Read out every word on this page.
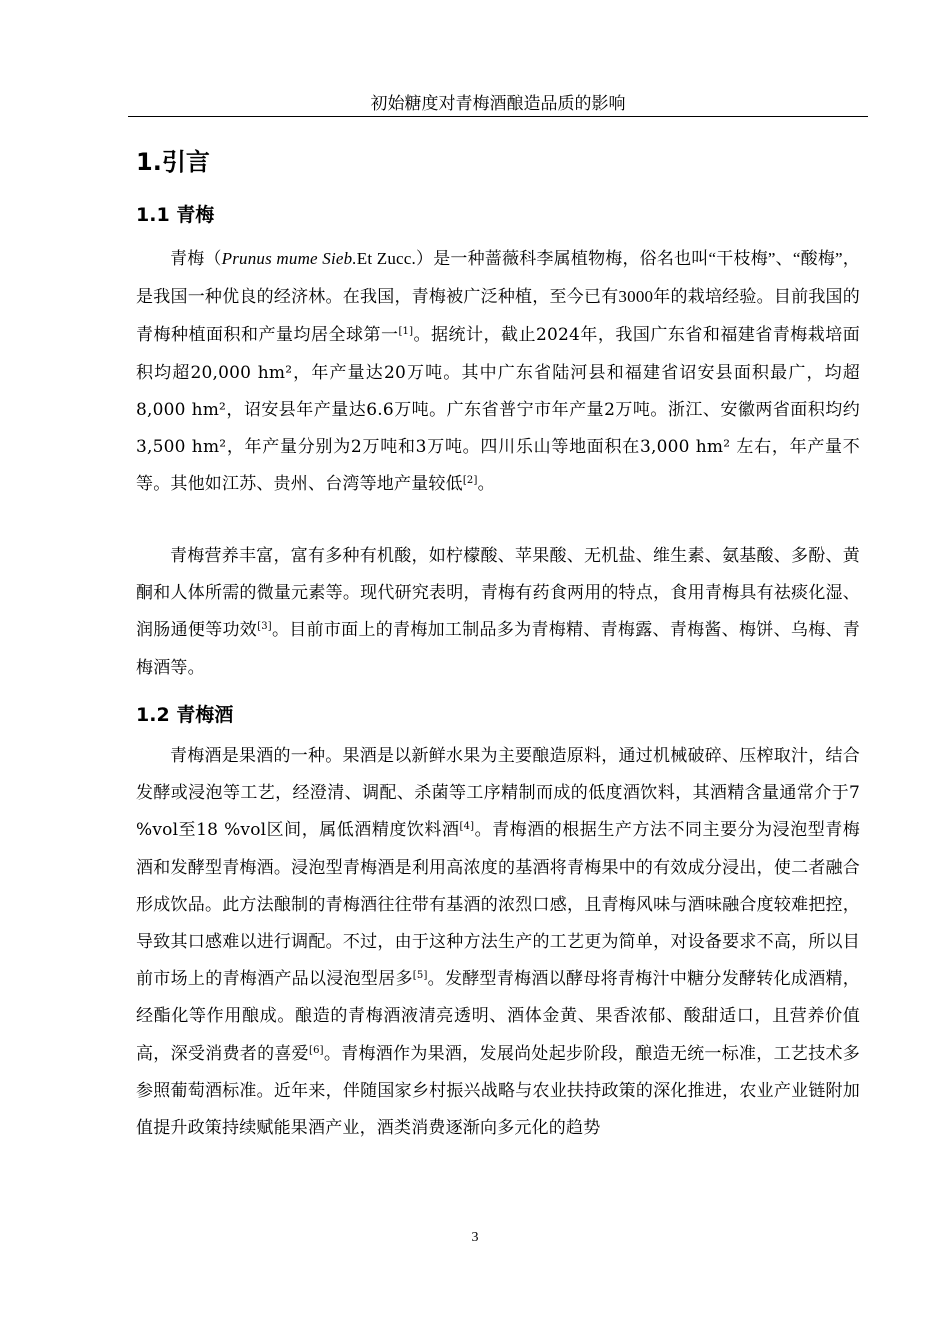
初始糖度对青梅酒酿造品质的影响
1.引言
1.1 青梅

青梅（Prunus mume Sieb.Et Zucc.）是一种蔷薇科李属植物梅，俗名也叫“干枝梅”、“酸梅”，是我国一种优良的经济林。在我国，青梅被广泛种植，至今已有3000年的栽培经验。目前我国的青梅种植面积和产量均居全球第一[1]。据统计，截止2024年，我国广东省和福建省青梅栽培面积均超20,000 hm²，年产量达20万吨。其中广东省陆河县和福建省诏安县面积最广，均超8,000 hm²，诏安县年产量达6.6万吨。广东省普宁市年产量2万吨。浙江、安徽两省面积均约3,500 hm²，年产量分别为2万吨和3万吨。四川乐山等地面积在3,000 hm² 左右，年产量不等。其他如江苏、贵州、台湾等地产量较低[2]。

青梅营养丰富，富有多种有机酸，如柠檬酸、苹果酸、无机盐、维生素、氨基酸、多酚、黄酮和人体所需的微量元素等。现代研究表明，青梅有药食两用的特点，食用青梅具有祛痰化湿、润肠通便等功效[3]。目前市面上的青梅加工制品多为青梅精、青梅露、青梅酱、梅饼、乌梅、青梅酒等。

1.2 青梅酒

青梅酒是果酒的一种。果酒是以新鲜水果为主要酿造原料，通过机械破碎、压榨取汁，结合发酵或浸泡等工艺，经澄清、调配、杀菌等工序精制而成的低度酒饮料，其酒精含量通常介于7 %vol至18 %vol区间，属低酒精度饮料酒[4]。青梅酒的根据生产方法不同主要分为浸泡型青梅酒和发酵型青梅酒。浸泡型青梅酒是利用高浓度的基酒将青梅果中的有效成分浸出，使二者融合形成饮品。此方法酿制的青梅酒往往带有基酒的浓烈口感，且青梅风味与酒味融合度较难把控，导致其口感难以进行调配。不过，由于这种方法生产的工艺更为简单，对设备要求不高，所以目前市场上的青梅酒产品以浸泡型居多[5]。发酵型青梅酒以酵母将青梅汁中糖分发酵转化成酒精，经酯化等作用酿成。酿造的青梅酒液清亮透明、酒体金黄、果香浓郁、酸甜适口，且营养价值高，深受消费者的喜爱[6]。青梅酒作为果酒，发展尚处起步阶段，酿造无统一标准，工艺技术多参照葡萄酒标准。近年来，伴随国家乡村振兴战略与农业扶持政策的深化推进，农业产业链附加值提升政策持续赋能果酒产业，酒类消费逐渐向多元化的趋势

3
